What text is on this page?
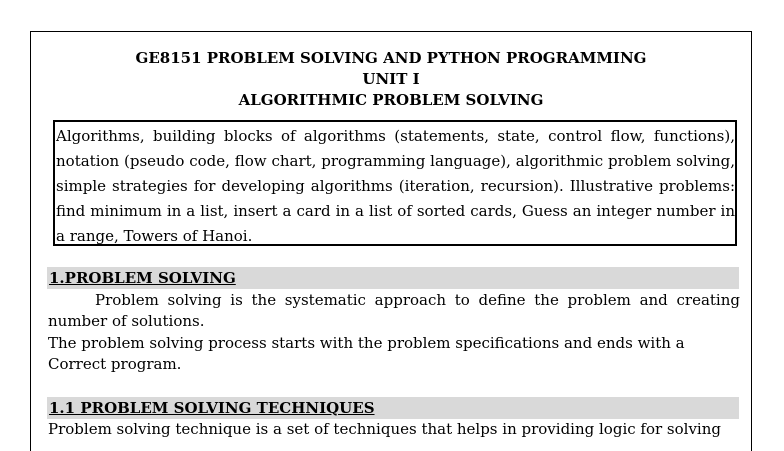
GE8151 PROBLEM SOLVING AND PYTHON PROGRAMMING
UNIT I
ALGORITHMIC PROBLEM SOLVING
Algorithms, building blocks of algorithms (statements, state, control flow, functions), notation (pseudo code, flow chart, programming language), algorithmic problem solving, simple strategies for developing algorithms (iteration, recursion). Illustrative problems: find minimum in a list, insert a card in a list of sorted cards, Guess an integer number in a range, Towers of Hanoi.
1.PROBLEM SOLVING
Problem solving is the systematic approach to define the problem and creating number of solutions.
The problem solving process starts with the problem specifications and ends with a Correct program.
1.1 PROBLEM SOLVING TECHNIQUES
Problem solving technique is a set of techniques that helps in providing logic for solving
